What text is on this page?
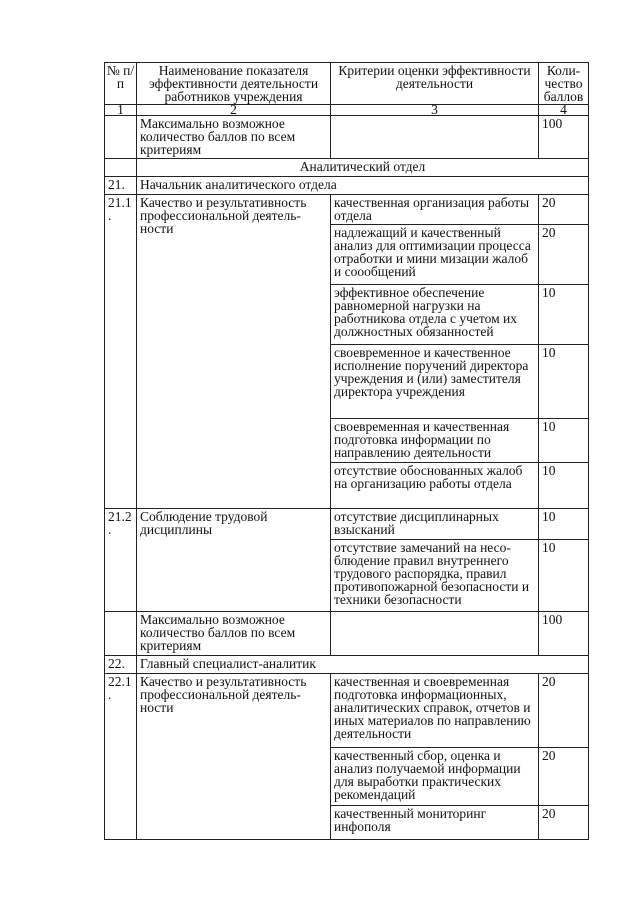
№ п/п	Наименование показателя эффективности деятельности работников учреждения	Критерии оценки эффективности деятельности	Коли-чество баллов
1	2	3	4
	Максимально возможное количество баллов по всем критериям		100
	Аналитический отдел		
21.	Начальник аналитического отдела		
21.1.	Качество и результативность профессиональной деятель-ности	качественная организация работы отдела	20
		надлежащий и качественный анализ для оптимизации процесса отработки и мини мизации жалоб и соообщений	20
		эффективное обеспечение равномерной нагрузки на работникова отдела с учетом их должностных обязанностей	10
		своевременное и качественное исполнение поручений директора учреждения и (или) заместителя директора учреждения	10
		своевременная и качественная подготовка информации по направлению деятельности	10
		отсутствие обоснованных жалоб на организацию работы отдела	10
21.2.	Соблюдение трудовой дисциплины	отсутствие дисциплинарных взысканий	10
		отсутствие замечаний на несо-блюдение правил внутреннего трудового распорядка, правил противопожарной безопасности и техники безопасности	10
	Максимально возможное количество баллов по всем критериям		100
22.	Главный специалист-аналитик		
22.1.	Качество и результативность профессиональной деятель-ности	качественная и своевременная подготовка информационных, аналитических справок, отчетов и иных материалов по направлению деятельности	20
		качественный сбор, оценка и анализ получаемой информации для выработки практических рекомендаций	20
		качественный мониторинг инфополя	20
